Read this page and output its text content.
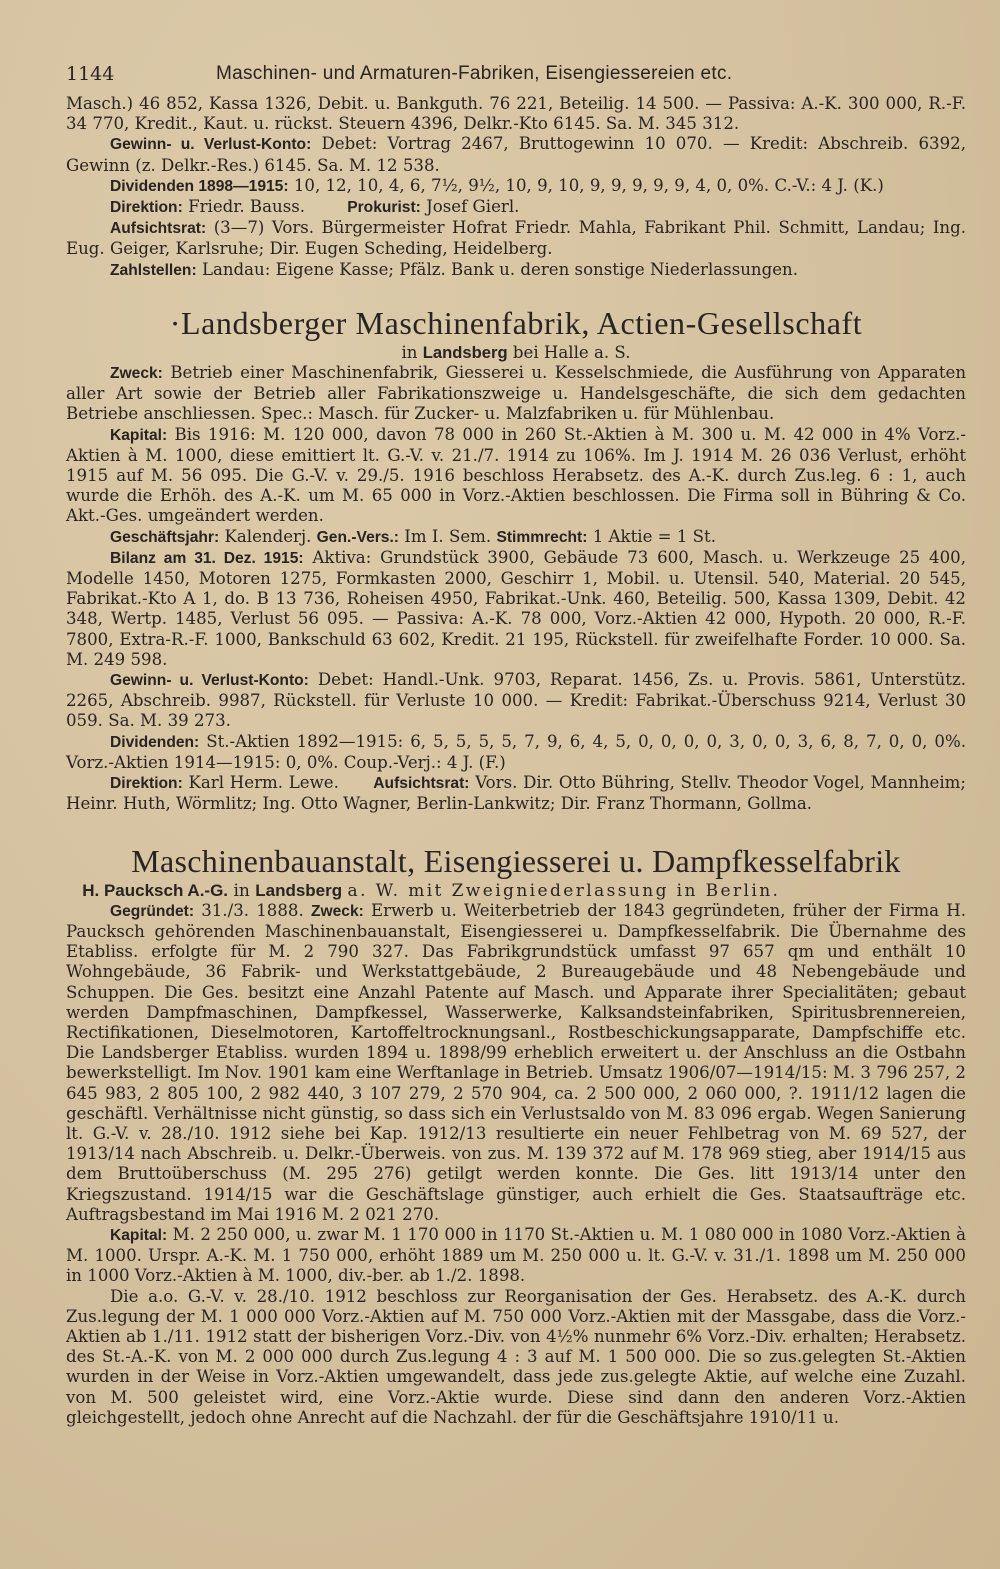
1144	Maschinen- und Armaturen-Fabriken, Eisengiessereien etc.

Masch.) 46 852, Kassa 1326, Debit. u. Bankguth. 76 221, Beteilig. 14 500. — Passiva: A.-K. 300 000, R.-F. 34 770, Kredit., Kaut. u. rückst. Steuern 4396, Delkr.-Kto 6145. Sa. M. 345 312.

Gewinn- u. Verlust-Konto: Debet: Vortrag 2467, Bruttogewinn 10 070. — Kredit: Abschreib. 6392, Gewinn (z. Delkr.-Res.) 6145. Sa. M. 12 538.

Dividenden 1898—1915: 10, 12, 10, 4, 6, 7½, 9½, 10, 9, 10, 9, 9, 9, 9, 9, 4, 0, 0%. C.-V.: 4 J. (K.)

Direktion: Friedr. Bauss.	Prokurist: Josef Gierl.

Aufsichtsrat: (3—7) Vors. Bürgermeister Hofrat Friedr. Mahla, Fabrikant Phil. Schmitt, Landau; Ing. Eug. Geiger, Karlsruhe; Dir. Eugen Scheding, Heidelberg.

Zahlstellen: Landau: Eigene Kasse; Pfälz. Bank u. deren sonstige Niederlassungen.

·Landsberger Maschinenfabrik, Actien-Gesellschaft

in Landsberg bei Halle a. S.

Zweck: Betrieb einer Maschinenfabrik, Giesserei u. Kesselschmiede, die Ausführung von Apparaten aller Art sowie der Betrieb aller Fabrikationszweige u. Handelsgeschäfte, die sich dem gedachten Betriebe anschliessen. Spec.: Masch. für Zucker- u. Malzfabriken u. für Mühlenbau.

Kapital: Bis 1916: M. 120 000, davon 78 000 in 260 St.-Aktien à M. 300 u. M. 42 000 in 4% Vorz.-Aktien à M. 1000, diese emittiert lt. G.-V. v. 21./7. 1914 zu 106%. Im J. 1914 M. 26 036 Verlust, erhöht 1915 auf M. 56 095. Die G.-V. v. 29./5. 1916 beschloss Herabsetz. des A.-K. durch Zus.leg. 6 : 1, auch wurde die Erhöh. des A.-K. um M. 65 000 in Vorz.-Aktien beschlossen. Die Firma soll in Bühring & Co. Akt.-Ges. umgeändert werden.

Geschäftsjahr: Kalenderj. Gen.-Vers.: Im I. Sem. Stimmrecht: 1 Aktie = 1 St.

Bilanz am 31. Dez. 1915: Aktiva: Grundstück 3900, Gebäude 73 600, Masch. u. Werkzeuge 25 400, Modelle 1450, Motoren 1275, Formkasten 2000, Geschirr 1, Mobil. u. Utensil. 540, Material. 20 545, Fabrikat.-Kto A 1, do. B 13 736, Roheisen 4950, Fabrikat.-Unk. 460, Beteilig. 500, Kassa 1309, Debit. 42 348, Wertp. 1485, Verlust 56 095. — Passiva: A.-K. 78 000, Vorz.-Aktien 42 000, Hypoth. 20 000, R.-F. 7800, Extra-R.-F. 1000, Bankschuld 63 602, Kredit. 21 195, Rückstell. für zweifelhafte Forder. 10 000. Sa. M. 249 598.

Gewinn- u. Verlust-Konto: Debet: Handl.-Unk. 9703, Reparat. 1456, Zs. u. Provis. 5861, Unterstütz. 2265, Abschreib. 9987, Rückstell. für Verluste 10 000. — Kredit: Fabrikat.-Überschuss 9214, Verlust 30 059. Sa. M. 39 273.

Dividenden: St.-Aktien 1892—1915: 6, 5, 5, 5, 5, 7, 9, 6, 4, 5, 0, 0, 0, 0, 3, 0, 0, 3, 6, 8, 7, 0, 0, 0%. Vorz.-Aktien 1914—1915: 0, 0%. Coup.-Verj.: 4 J. (F.)

Direktion: Karl Herm. Lewe. Aufsichtsrat: Vors. Dir. Otto Bühring, Stellv. Theodor Vogel, Mannheim; Heinr. Huth, Wörmlitz; Ing. Otto Wagner, Berlin-Lankwitz; Dir. Franz Thormann, Gollma.

Maschinenbauanstalt, Eisengiesserei u. Dampfkesselfabrik

H. Paucksch A.-G. in Landsberg a. W. mit Zweigniederlassung in Berlin.

Gegründet: 31./3. 1888. Zweck: Erwerb u. Weiterbetrieb der 1843 gegründeten, früher der Firma H. Paucksch gehörenden Maschinenbauanstalt, Eisengiesserei u. Dampfkesselfabrik. Die Übernahme des Etabliss. erfolgte für M. 2 790 327. Das Fabrikgrundstück umfasst 97 657 qm und enthält 10 Wohngebäude, 36 Fabrik- und Werkstattgebäude, 2 Bureaugebäude und 48 Nebengebäude und Schuppen. Die Ges. besitzt eine Anzahl Patente auf Masch. und Apparate ihrer Specialitäten; gebaut werden Dampfmaschinen, Dampfkessel, Wasserwerke, Kalksandsteinfabriken, Spiritusbrennereien, Rectifikationen, Dieselmotoren, Kartoffeltrocknungsanl., Rostbeschickungsapparate, Dampfschiffe etc. Die Landsberger Etabliss. wurden 1894 u. 1898/99 erheblich erweitert u. der Anschluss an die Ostbahn bewerkstelligt. Im Nov. 1901 kam eine Werftanlage in Betrieb. Umsatz 1906/07—1914/15: M. 3 796 257, 2 645 983, 2 805 100, 2 982 440, 3 107 279, 2 570 904, ca. 2 500 000, 2 060 000, ?. 1911/12 lagen die geschäftl. Verhältnisse nicht günstig, so dass sich ein Verlustsaldo von M. 83 096 ergab. Wegen Sanierung lt. G.-V. v. 28./10. 1912 siehe bei Kap. 1912/13 resultierte ein neuer Fehlbetrag von M. 69 527, der 1913/14 nach Abschreib. u. Delkr.-Überweis. von zus. M. 139 372 auf M. 178 969 stieg, aber 1914/15 aus dem Bruttoüberschuss (M. 295 276) getilgt werden konnte. Die Ges. litt 1913/14 unter den Kriegszustand. 1914/15 war die Geschäftslage günstiger, auch erhielt die Ges. Staatsaufträge etc. Auftragsbestand im Mai 1916 M. 2 021 270.

Kapital: M. 2 250 000, u. zwar M. 1 170 000 in 1170 St.-Aktien u. M. 1 080 000 in 1080 Vorz.-Aktien à M. 1000. Urspr. A.-K. M. 1 750 000, erhöht 1889 um M. 250 000 u. lt. G.-V. v. 31./1. 1898 um M. 250 000 in 1000 Vorz.-Aktien à M. 1000, div.-ber. ab 1./2. 1898.

Die a.o. G.-V. v. 28./10. 1912 beschloss zur Reorganisation der Ges. Herabsetz. des A.-K. durch Zus.legung der M. 1 000 000 Vorz.-Aktien auf M. 750 000 Vorz.-Aktien mit der Massgabe, dass die Vorz.-Aktien ab 1./11. 1912 statt der bisherigen Vorz.-Div. von 4½% nunmehr 6% Vorz.-Div. erhalten; Herabsetz. des St.-A.-K. von M. 2 000 000 durch Zus.legung 4 : 3 auf M. 1 500 000. Die so zus.gelegten St.-Aktien wurden in der Weise in Vorz.-Aktien umgewandelt, dass jede zus.gelegte Aktie, auf welche eine Zuzahl. von M. 500 geleistet wird, eine Vorz.-Aktie wurde. Diese sind dann den anderen Vorz.-Aktien gleichgestellt, jedoch ohne Anrecht auf die Nachzahl. der für die Geschäftsjahre 1910/11 u.
